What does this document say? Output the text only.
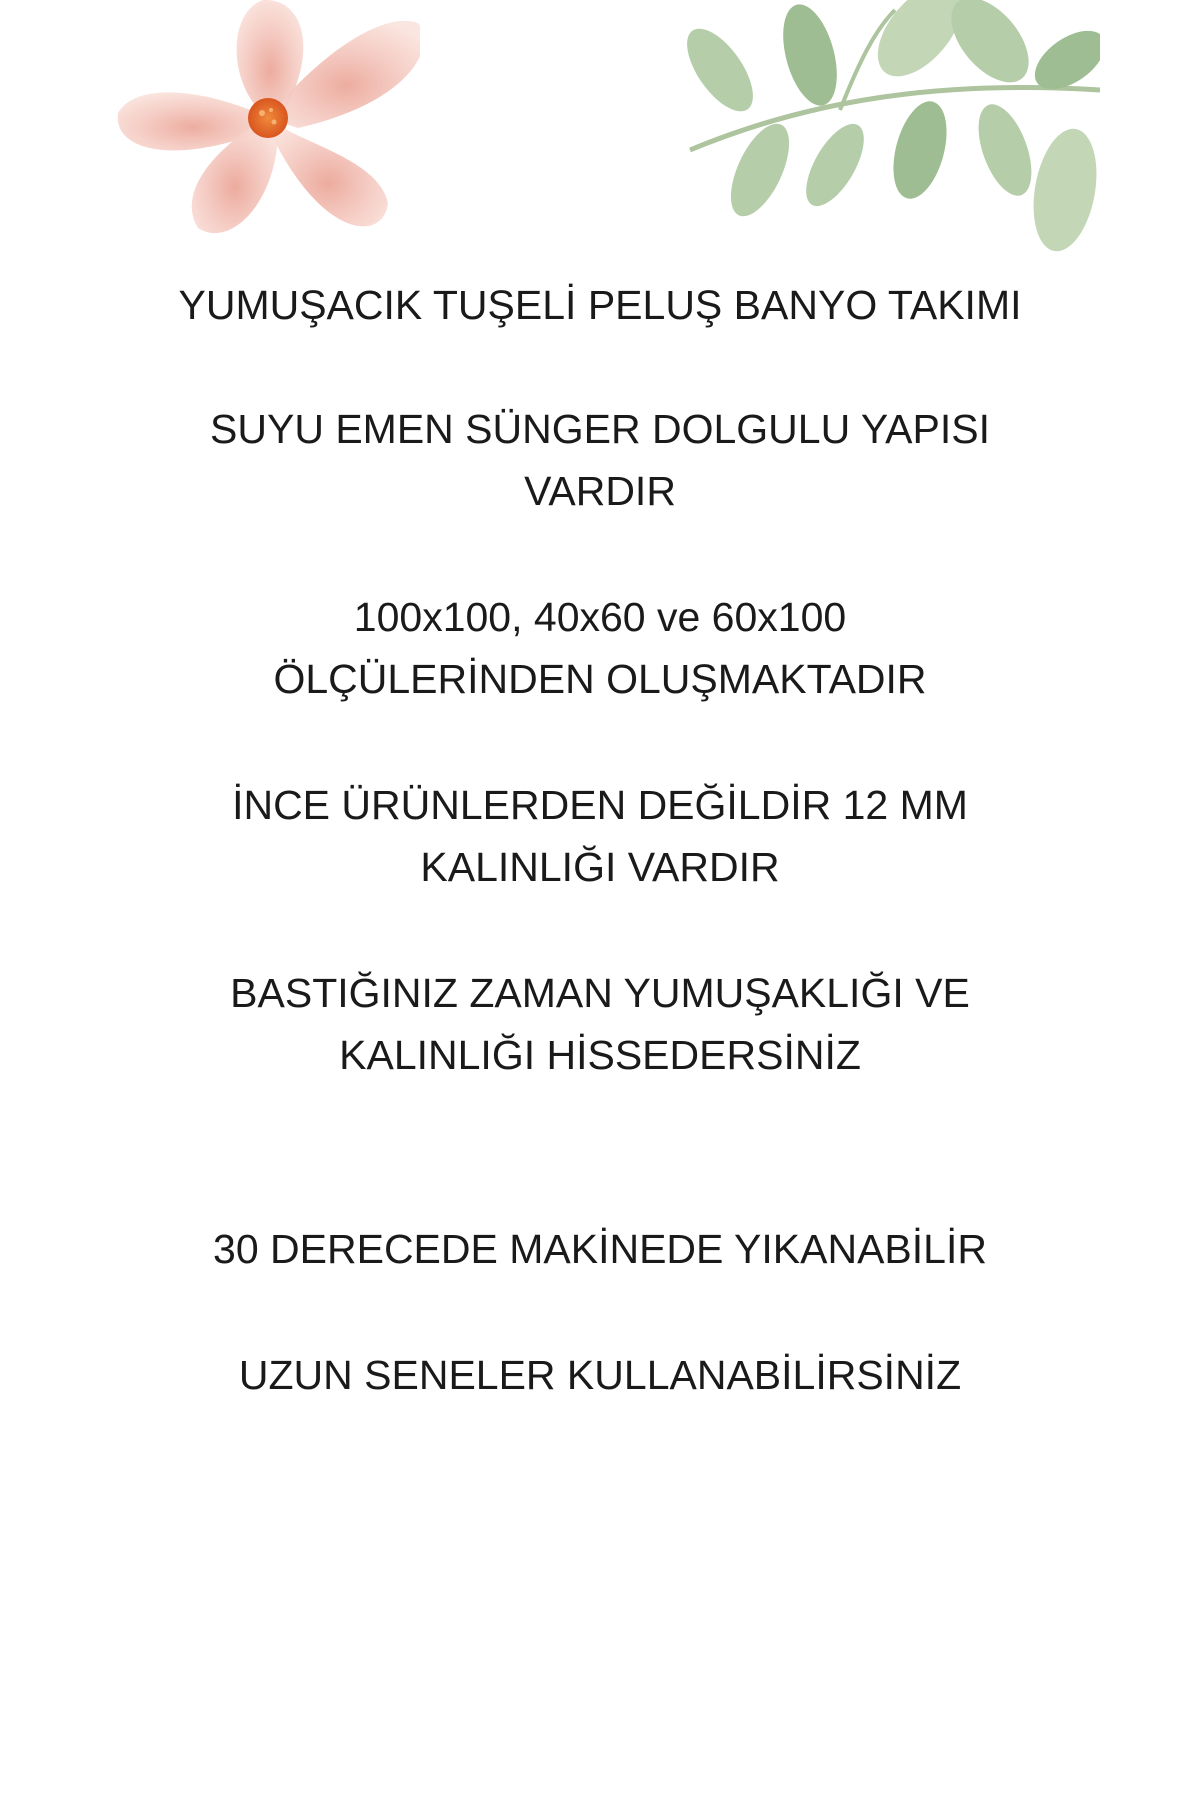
YUMUŞACIK TUŞELİ PELUŞ BANYO TAKIMI
SUYU EMEN SÜNGER DOLGULU YAPISI
VARDIR
100x100, 40x60 ve 60x100
ÖLÇÜLERİNDEN OLUŞMAKTADIR
İNCE ÜRÜNLERDEN DEĞİLDİR 12 MM
KALINLIĞI VARDIR
BASTIĞINIZ ZAMAN YUMUŞAKLIĞI VE
KALINLIĞI HİSSEDERSİNİZ
30 DERECEDE MAKİNEDE YIKANABİLİR
UZUN SENELER KULLANABİLİRSİNİZ
